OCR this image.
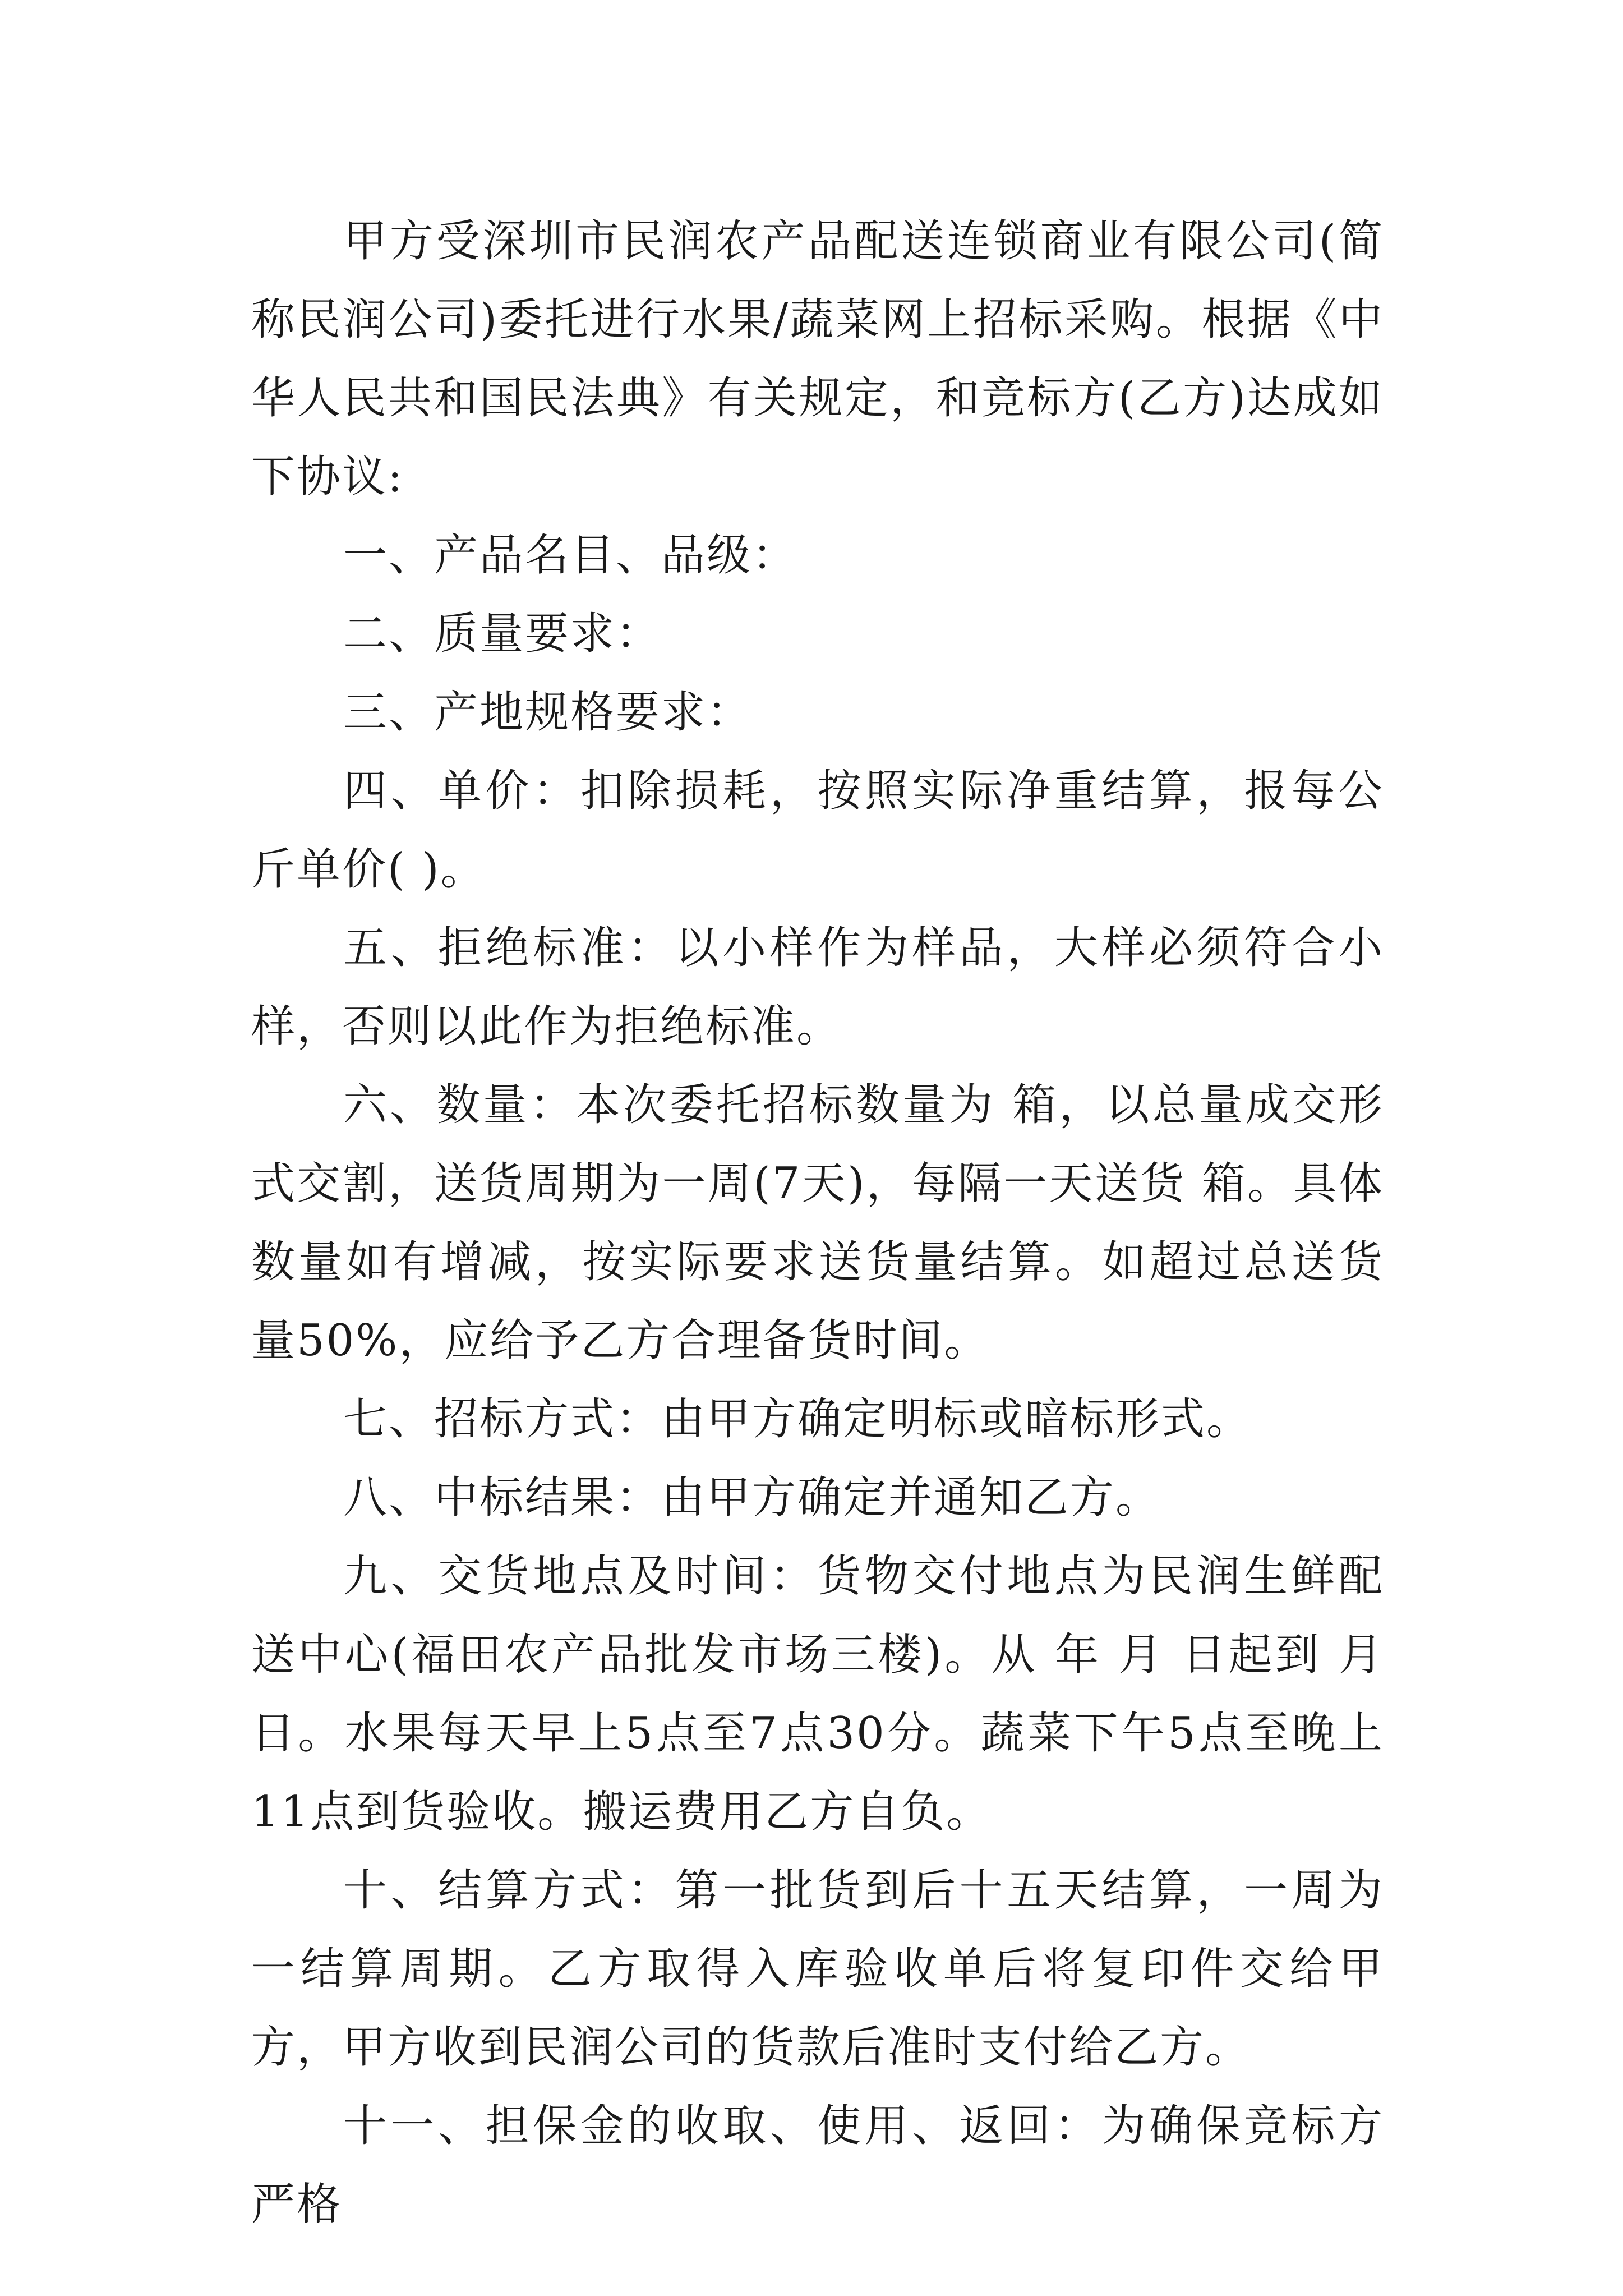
甲方受深圳市民润农产品配送连锁商业有限公司(简称民润公司)委托进行水果/蔬菜网上招标采购。根据《中华人民共和国民法典》有关规定，和竞标方(乙方)达成如下协议:

一、产品名目、品级：

二、质量要求：

三、产地规格要求：

四、单价：扣除损耗，按照实际净重结算，报每公斤单价( )。

五、拒绝标准：以小样作为样品，大样必须符合小样，否则以此作为拒绝标准。

六、数量：本次委托招标数量为 箱，以总量成交形式交割，送货周期为一周(7天)，每隔一天送货 箱。具体数量如有增减，按实际要求送货量结算。如超过总送货量50%，应给予乙方合理备货时间。

七、招标方式：由甲方确定明标或暗标形式。

八、中标结果：由甲方确定并通知乙方。

九、交货地点及时间：货物交付地点为民润生鲜配送中心(福田农产品批发市场三楼)。从 年 月 日起到 月 日。水果每天早上5点至7点30分。蔬菜下午5点至晚上11点到货验收。搬运费用乙方自负。

十、结算方式：第一批货到后十五天结算，一周为一结算周期。乙方取得入库验收单后将复印件交给甲方，甲方收到民润公司的货款后准时支付给乙方。

十一、担保金的收取、使用、返回：为确保竞标方严格
